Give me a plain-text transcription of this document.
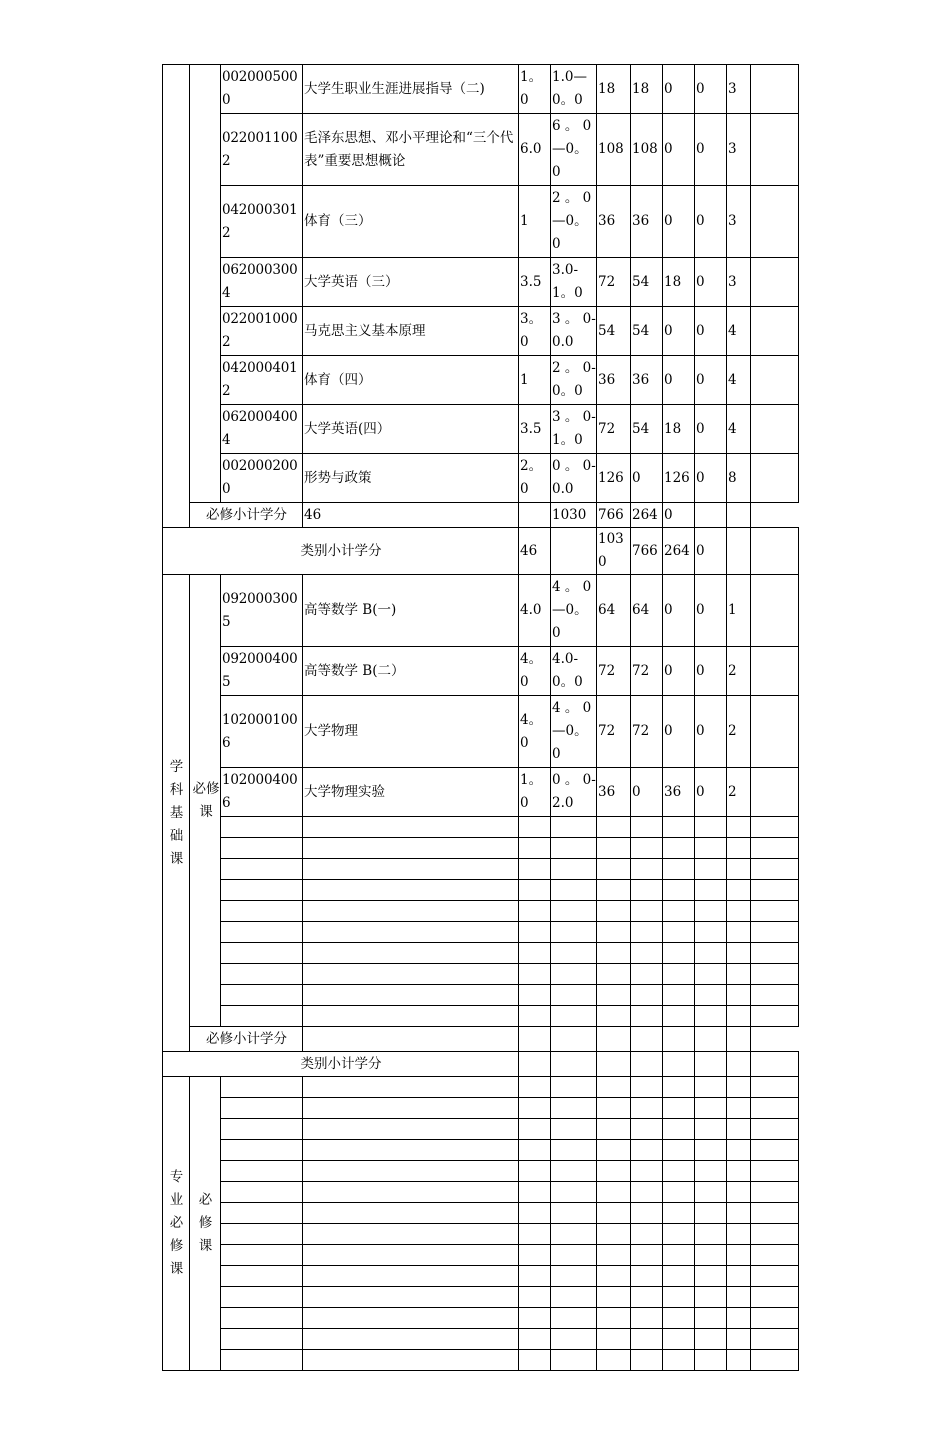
		0020005000	大学生职业生涯进展指导（二)	1。0	1.0—0。0	18	18	0	0	3	
		0220011002	毛泽东思想、邓小平理论和“三个代表”重要思想概论	6.0	6 。 0—0。0	108	108	0	0	3	
		0420003012	体育（三）	1	2 。 0—0。0	36	36	0	0	3	
		0620003004	大学英语（三）	3.5	3.0-1。0	72	54	18	0	3	
		0220010002	马克思主义基本原理	3。0	3 。 0-0.0	54	54	0	0	4	
		0420004012	体育（四）	1	2 。 0-0。0	36	36	0	0	4	
		0620004004	大学英语(四）	3.5	3 。 0-1。0	72	54	18	0	4	
		0020002000	形势与政策	2。0	0 。 0-0.0	126	0	126	0	8	
	必修小计学分		46		1030	766	264	0			
类别小计学分				46		1030	766	264	0		

学科基础课	必修课	0920003005	高等数学 B(一)	4.0	4 。 0—0。0	64	64	0	0	1	
		0920004005	高等数学 B(二）	4。0	4.0-0。0	72	72	0	0	2	
		1020001006	大学物理	4。0	4 。 0—0。0	72	72	0	0	2	
		1020004006	大学物理实验	1。0	0 。 0-2.0	36	0	36	0	2	

	必修小计学分										
类别小计学分											

专业必修课	必修课										
